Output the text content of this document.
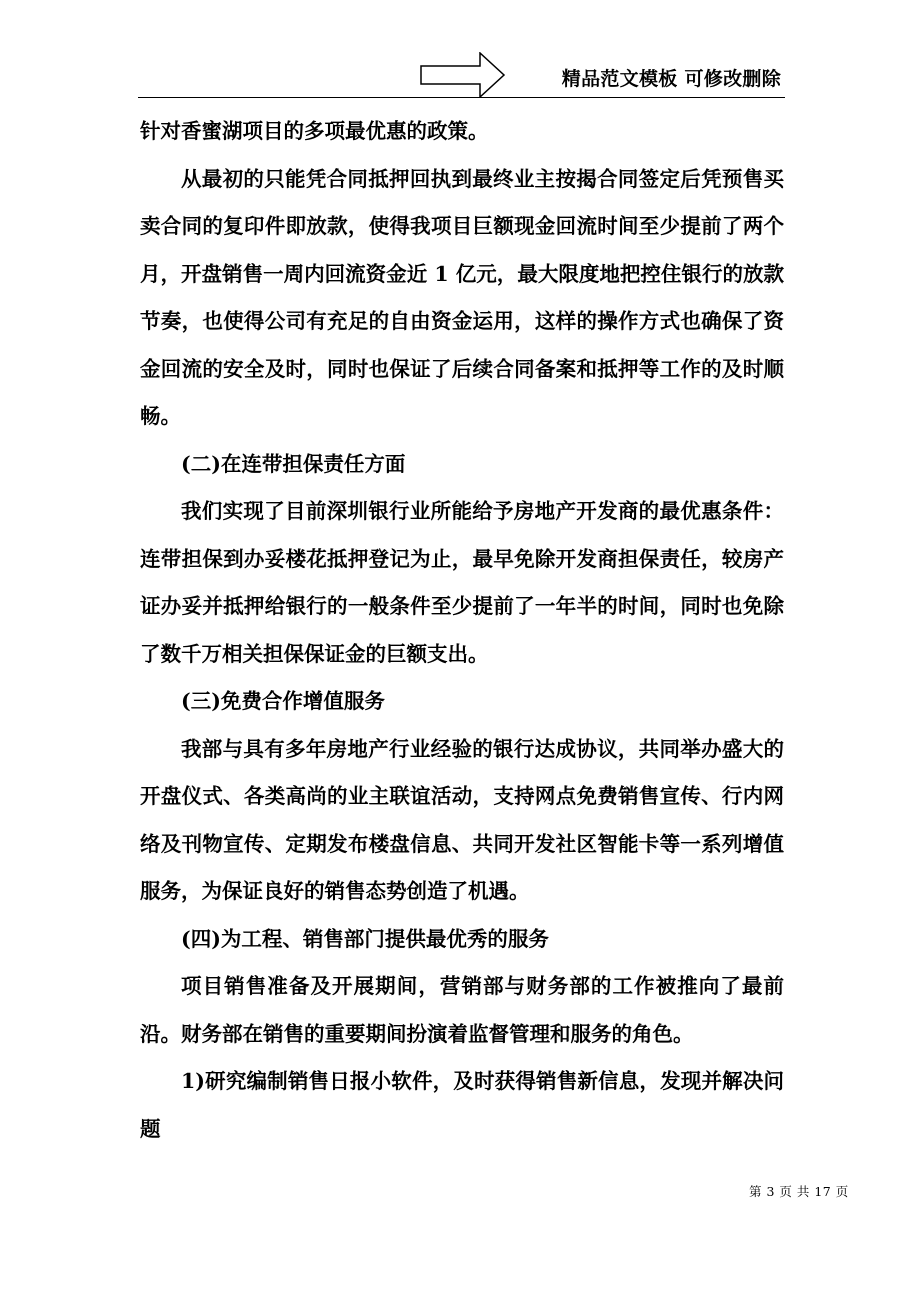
精品范文模板 可修改删除

针对香蜜湖项目的多项最优惠的政策。

从最初的只能凭合同抵押回执到最终业主按揭合同签定后凭预售买卖合同的复印件即放款，使得我项目巨额现金回流时间至少提前了两个月，开盘销售一周内回流资金近 1 亿元，最大限度地把控住银行的放款节奏，也使得公司有充足的自由资金运用，这样的操作方式也确保了资金回流的安全及时，同时也保证了后续合同备案和抵押等工作的及时顺畅。

(二)在连带担保责任方面

我们实现了目前深圳银行业所能给予房地产开发商的最优惠条件：连带担保到办妥楼花抵押登记为止，最早免除开发商担保责任，较房产证办妥并抵押给银行的一般条件至少提前了一年半的时间，同时也免除了数千万相关担保保证金的巨额支出。

(三)免费合作增值服务

我部与具有多年房地产行业经验的银行达成协议，共同举办盛大的开盘仪式、各类高尚的业主联谊活动，支持网点免费销售宣传、行内网络及刊物宣传、定期发布楼盘信息、共同开发社区智能卡等一系列增值服务，为保证良好的销售态势创造了机遇。

(四)为工程、销售部门提供最优秀的服务

项目销售准备及开展期间，营销部与财务部的工作被推向了最前沿。财务部在销售的重要期间扮演着监督管理和服务的角色。

1)研究编制销售日报小软件，及时获得销售新信息，发现并解决问题

第 3 页 共 17 页
